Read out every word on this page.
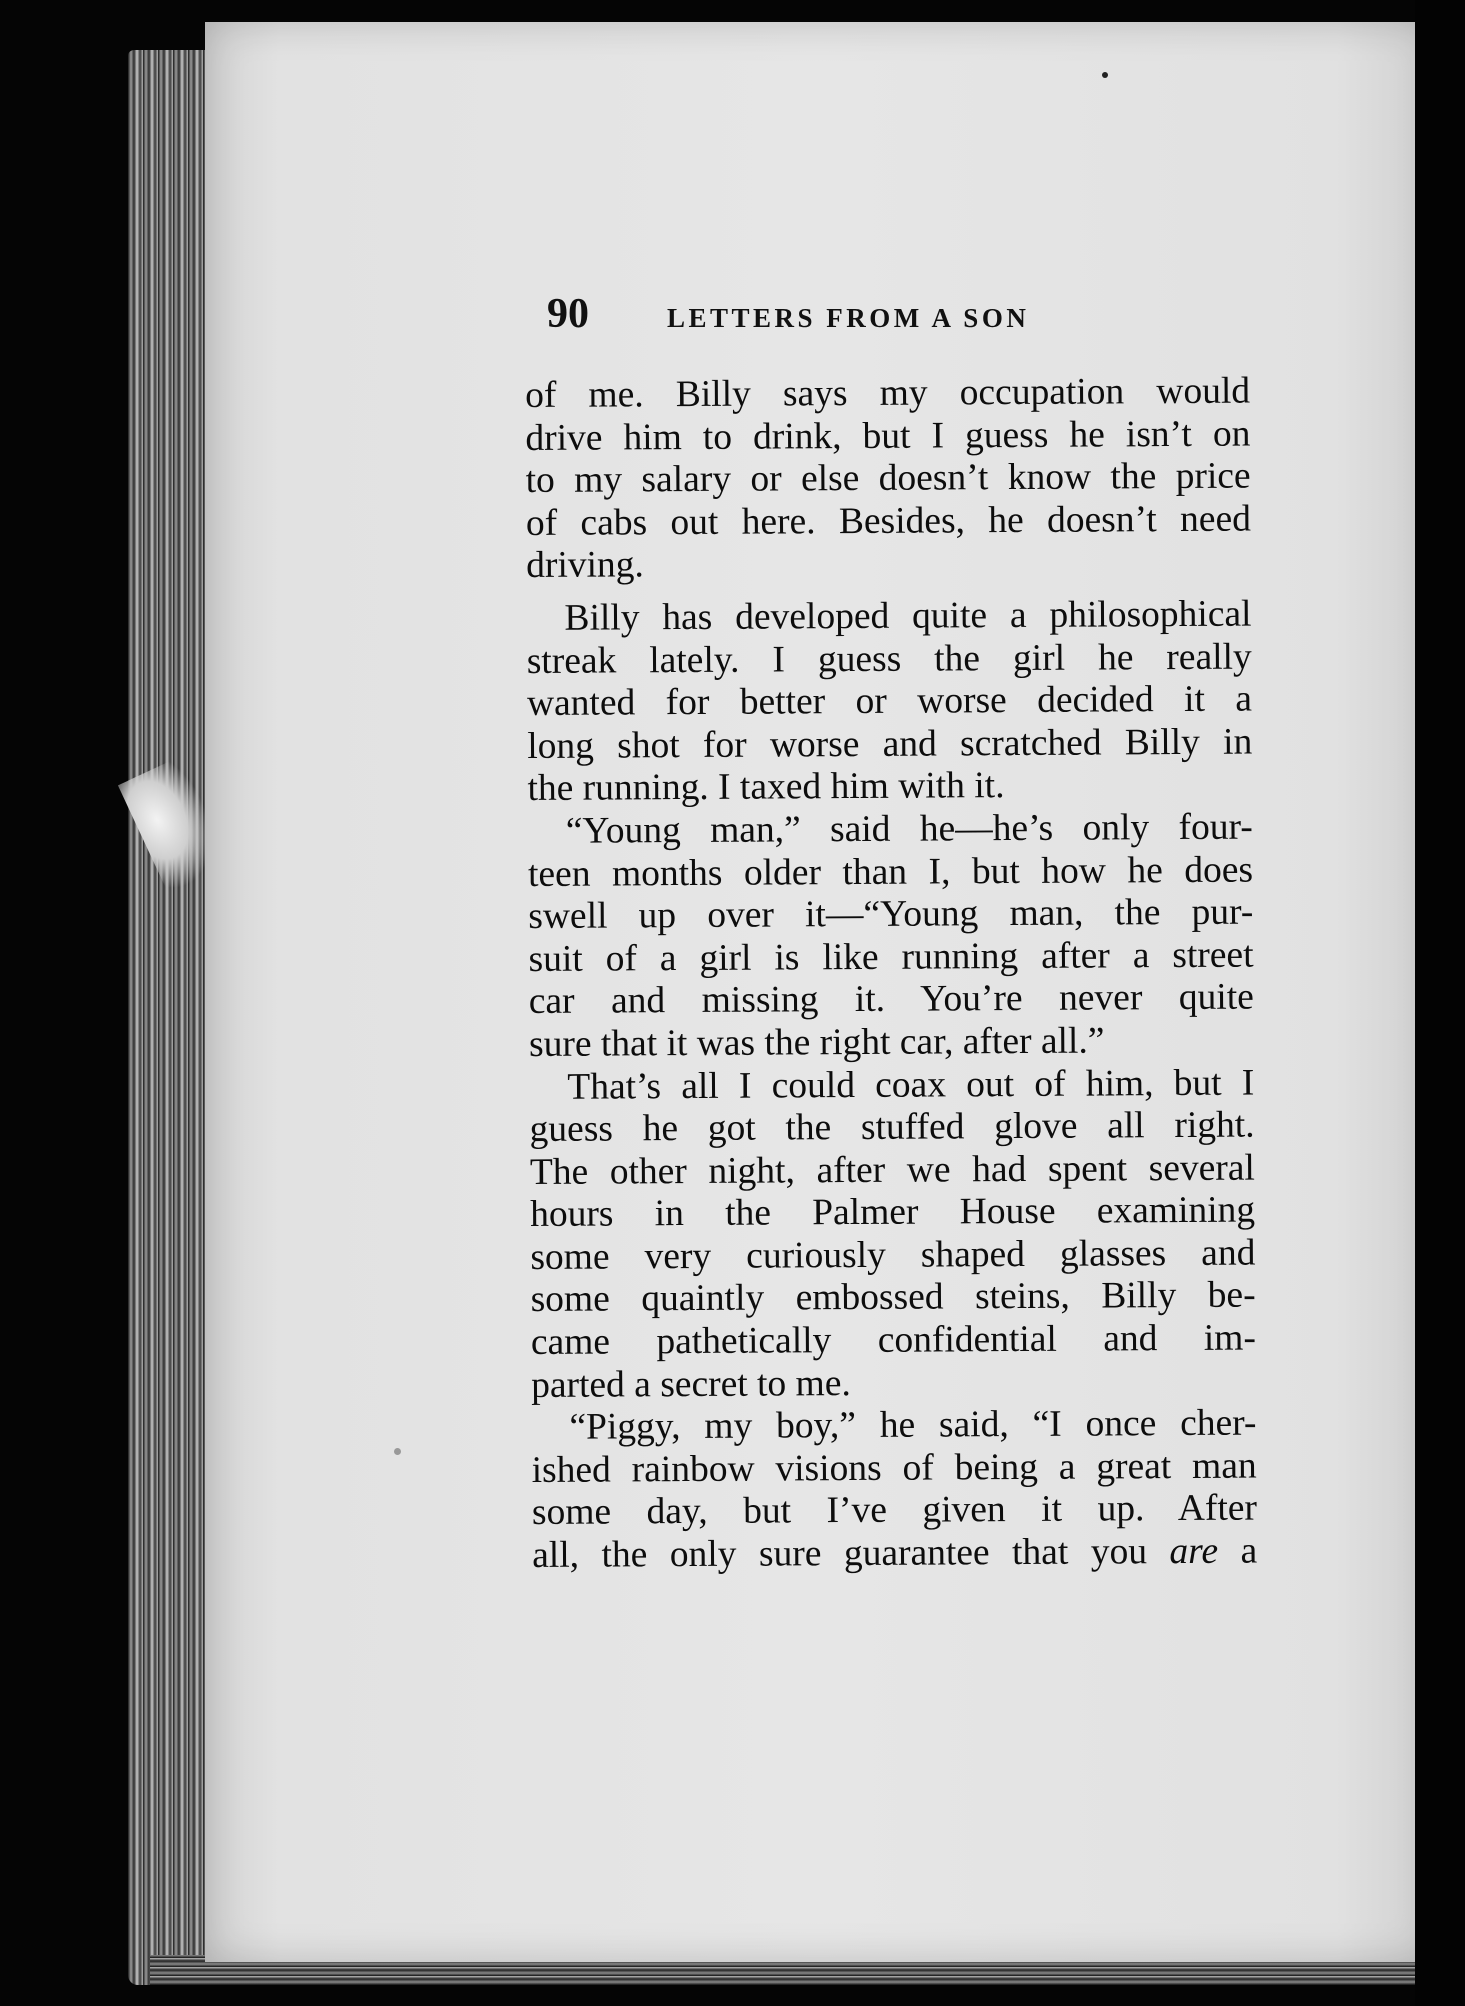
90	LETTERS FROM A SON
of me. Billy says my occupation would
drive him to drink, but I guess he isn’t on
to my salary or else doesn’t know the price
of cabs out here. Besides, he doesn’t need
driving.
Billy has developed quite a philosophical
streak lately. I guess the girl he really
wanted for better or worse decided it a
long shot for worse and scratched Billy in
the running. I taxed him with it.
“Young man,” said he—he’s only four-
teen months older than I, but how he does
swell up over it—“Young man, the pur-
suit of a girl is like running after a street
car and missing it. You’re never quite
sure that it was the right car, after all.”
That’s all I could coax out of him, but I
guess he got the stuffed glove all right.
The other night, after we had spent several
hours in the Palmer House examining
some very curiously shaped glasses and
some quaintly embossed steins, Billy be-
came pathetically confidential and im-
parted a secret to me.
“Piggy, my boy,” he said, “I once cher-
ished rainbow visions of being a great man
some day, but I’ve given it up. After
all, the only sure guarantee that you are a
